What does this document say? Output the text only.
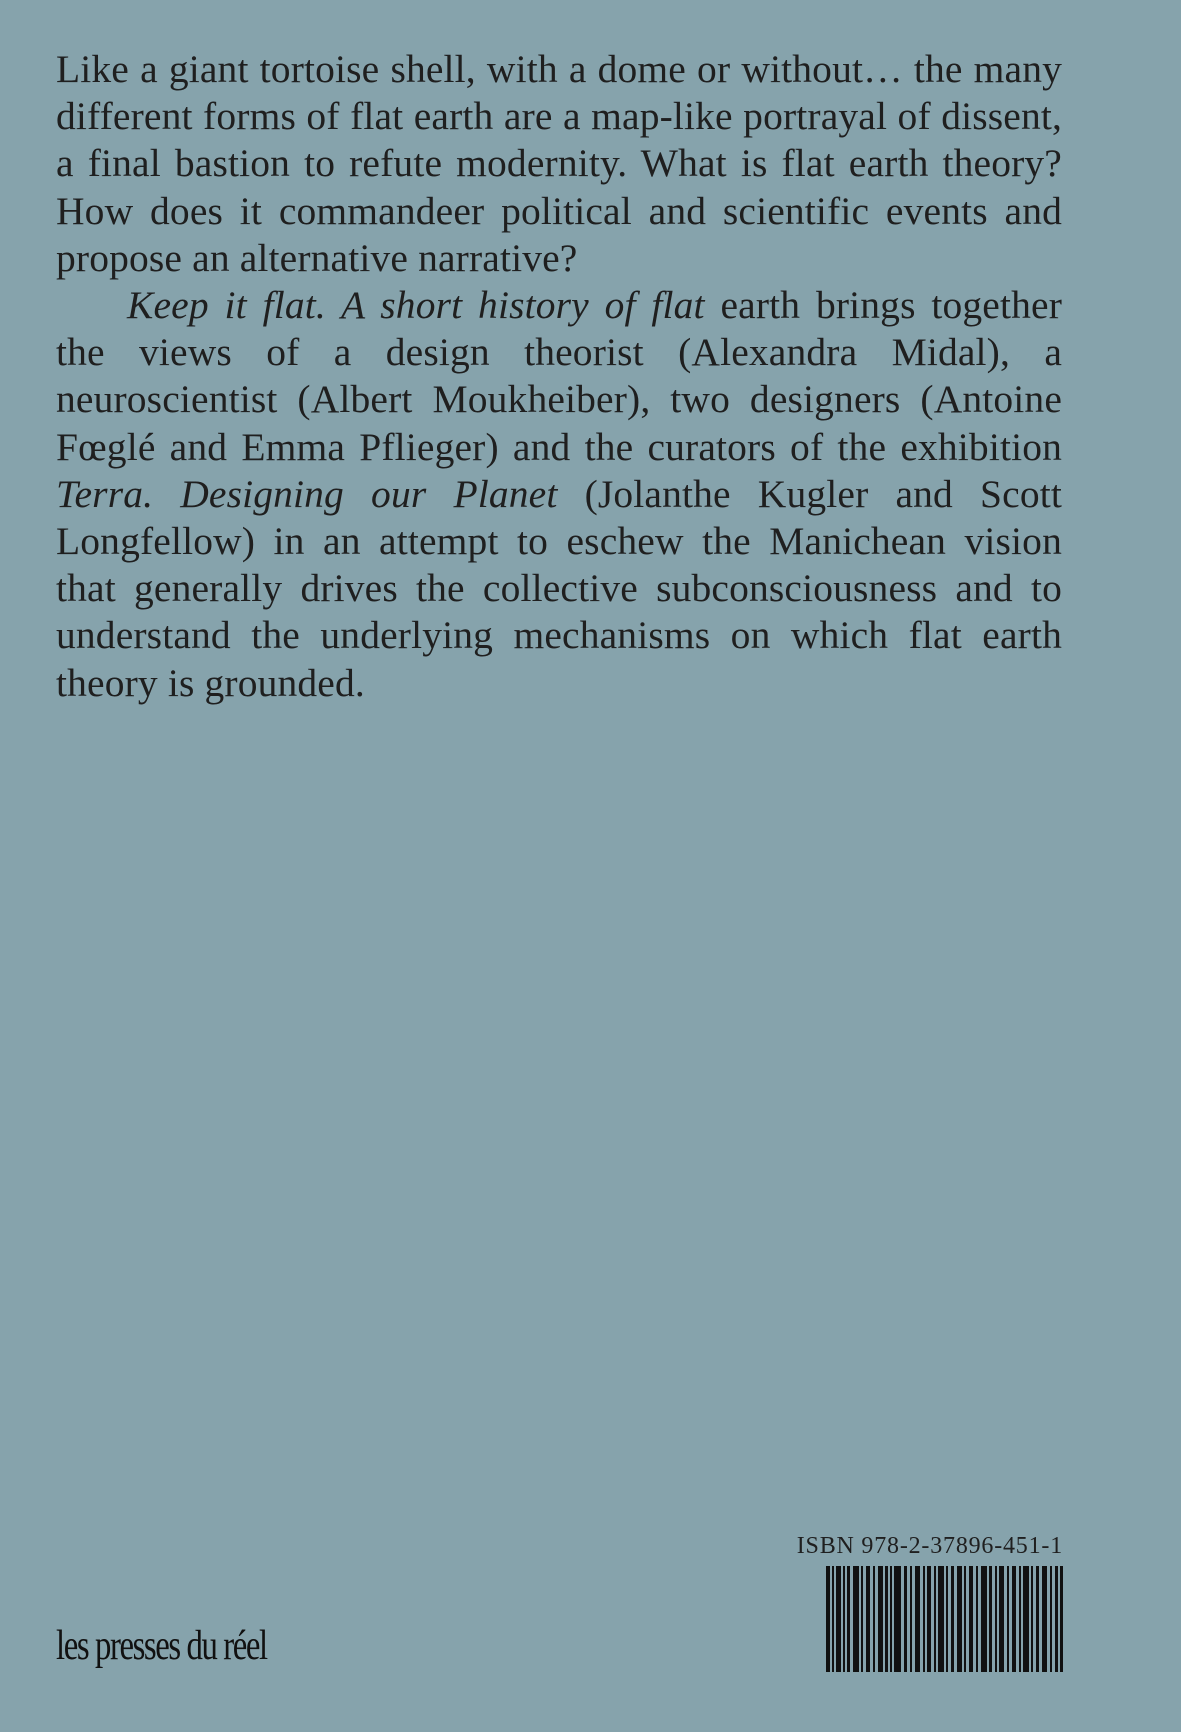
Like a giant tortoise shell, with a dome or without… the many different forms of flat earth are a map-like portrayal of dissent, a final bastion to refute modernity. What is flat earth theory? How does it commandeer political and scientific events and propose an alternative narrative?

Keep it flat. A short history of flat earth brings together the views of a design theorist (Alexandra Midal), a neuroscientist (Albert Moukheiber), two designers (Antoine Fœglé and Emma Pflieger) and the curators of the exhibition Terra. Designing our Planet (Jolanthe Kugler and Scott Longfellow) in an attempt to eschew the Manichean vision that generally drives the collective subconsciousness and to understand the underlying mechanisms on which flat earth theory is grounded.

ISBN 978-2-37896-451-1
les presses du réel
